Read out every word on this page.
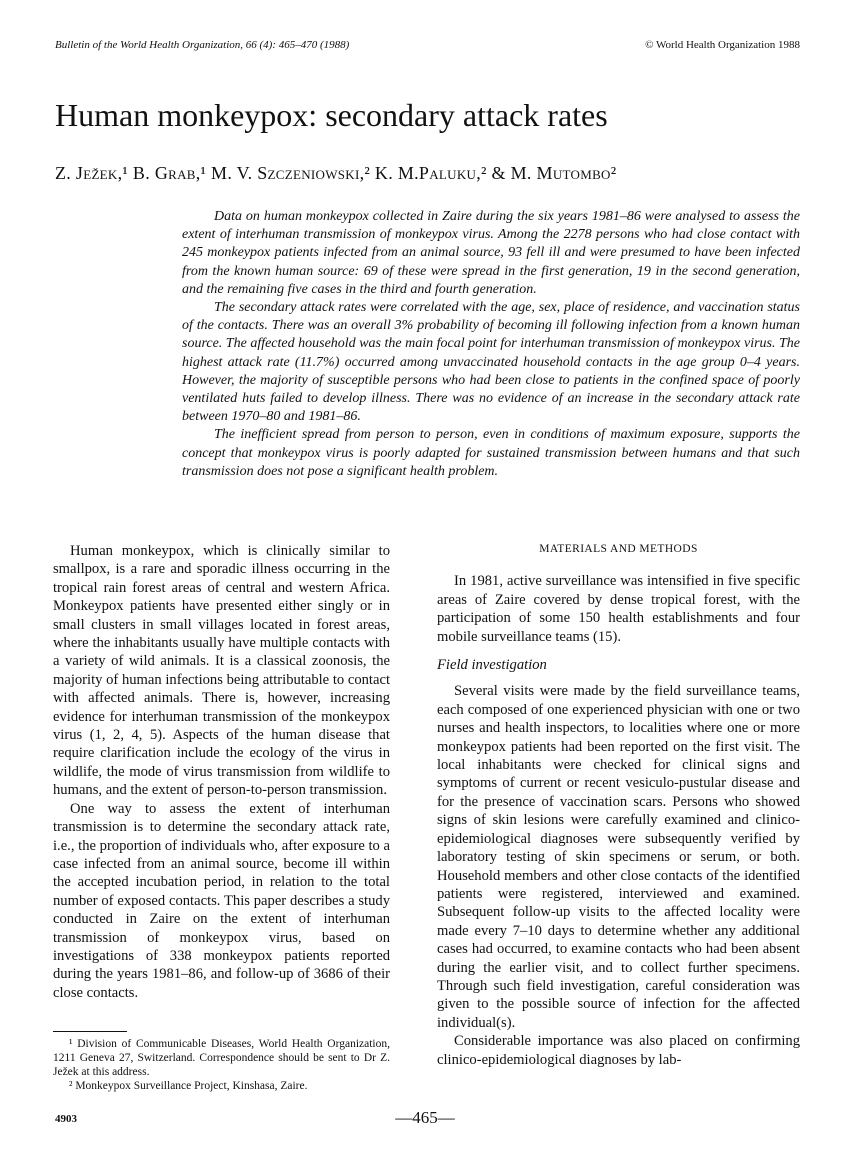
Bulletin of the World Health Organization, 66 (4): 465–470 (1988)	© World Health Organization 1988
Human monkeypox: secondary attack rates
Z. Ježek,¹ B. Grab,¹ M. V. Szczeniowski,² K. M.Paluku,² & M. Mutombo²

Data on human monkeypox collected in Zaire during the six years 1981–86 were analysed to assess the extent of interhuman transmission of monkeypox virus. Among the 2278 persons who had close contact with 245 monkeypox patients infected from an animal source, 93 fell ill and were presumed to have been infected from the known human source: 69 of these were spread in the first generation, 19 in the second generation, and the remaining five cases in the third and fourth generation.

The secondary attack rates were correlated with the age, sex, place of residence, and vaccination status of the contacts. There was an overall 3% probability of becoming ill following infection from a known human source. The affected household was the main focal point for interhuman transmission of monkeypox virus. The highest attack rate (11.7%) occurred among unvaccinated household contacts in the age group 0–4 years. However, the majority of susceptible persons who had been close to patients in the confined space of poorly ventilated huts failed to develop illness. There was no evidence of an increase in the secondary attack rate between 1970–80 and 1981–86.

The inefficient spread from person to person, even in conditions of maximum exposure, supports the concept that monkeypox virus is poorly adapted for sustained transmission between humans and that such transmission does not pose a significant health problem.

Human monkeypox, which is clinically similar to smallpox, is a rare and sporadic illness occurring in the tropical rain forest areas of central and western Africa. Monkeypox patients have presented either singly or in small clusters in small villages located in forest areas, where the inhabitants usually have multiple contacts with a variety of wild animals. It is a classical zoonosis, the majority of human infections being attributable to contact with affected animals. There is, however, increasing evidence for interhuman transmission of the monkeypox virus (1, 2, 4, 5). Aspects of the human disease that require clarification include the ecology of the virus in wildlife, the mode of virus transmission from wildlife to humans, and the extent of person-to-person transmission.

One way to assess the extent of interhuman transmission is to determine the secondary attack rate, i.e., the proportion of individuals who, after exposure to a case infected from an animal source, become ill within the accepted incubation period, in relation to the total number of exposed contacts. This paper describes a study conducted in Zaire on the extent of interhuman transmission of monkeypox virus, based on investigations of 338 monkeypox patients reported during the years 1981–86, and follow-up of 3686 of their close contacts.

¹ Division of Communicable Diseases, World Health Organization, 1211 Geneva 27, Switzerland. Correspondence should be sent to Dr Z. Ježek at this address.

² Monkeypox Surveillance Project, Kinshasa, Zaire.

MATERIALS AND METHODS

In 1981, active surveillance was intensified in five specific areas of Zaire covered by dense tropical forest, with the participation of some 150 health establishments and four mobile surveillance teams (15).

Field investigation

Several visits were made by the field surveillance teams, each composed of one experienced physician with one or two nurses and health inspectors, to localities where one or more monkeypox patients had been reported on the first visit. The local inhabitants were checked for clinical signs and symptoms of current or recent vesiculo-pustular disease and for the presence of vaccination scars. Persons who showed signs of skin lesions were carefully examined and clinico-epidemiological diagnoses were subsequently verified by laboratory testing of skin specimens or serum, or both. Household members and other close contacts of the identified patients were registered, interviewed and examined. Subsequent follow-up visits to the affected locality were made every 7–10 days to determine whether any additional cases had occurred, to examine contacts who had been absent during the earlier visit, and to collect further specimens. Through such field investigation, careful consideration was given to the possible source of infection for the affected individual(s).

Considerable importance was also placed on confirming clinico-epidemiological diagnoses by lab-

4903	—465—
